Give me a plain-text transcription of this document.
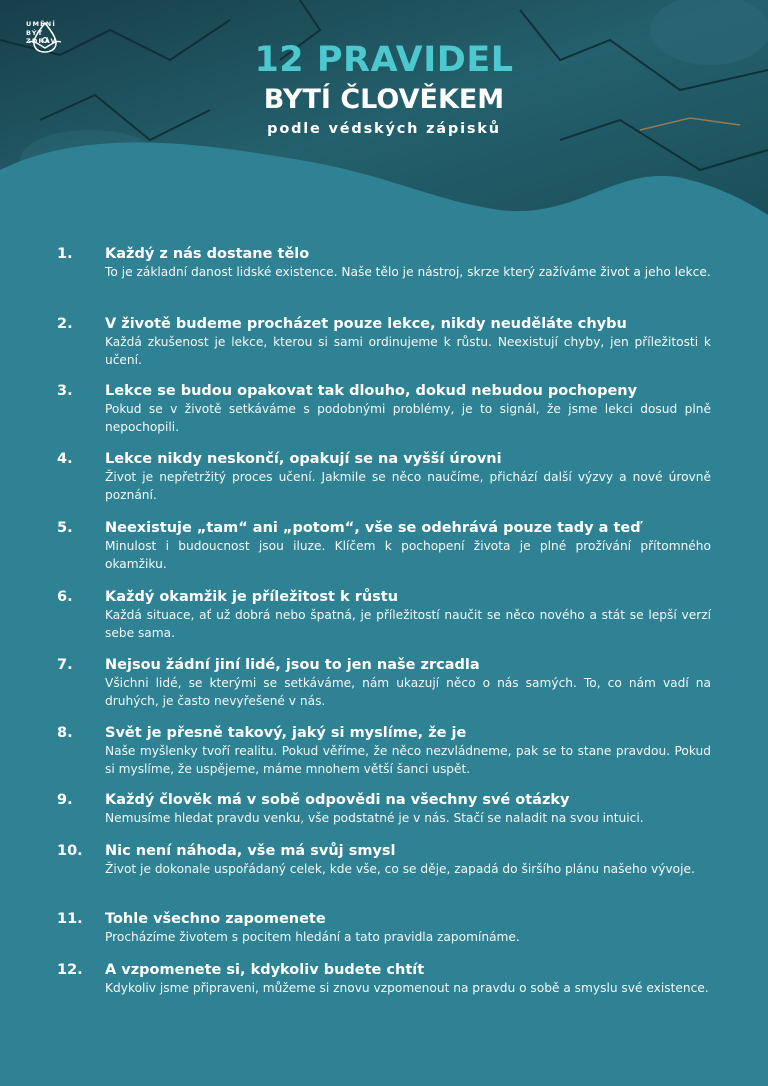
UMĚNÍ
BÝT
ZDRÁV	12 PRAVIDEL
BYTÍ ČLOVĚKEM
podle védských zápisků
1. Každý z nás dostane tělo
To je základní danost lidské existence. Naše tělo je nástroj, skrze který zažíváme život a jeho lekce.
2. V životě budeme procházet pouze lekce, nikdy neuděláte chybu
Každá zkušenost je lekce, kterou si sami ordinujeme k růstu. Neexistují chyby, jen příležitosti k učení.
3. Lekce se budou opakovat tak dlouho, dokud nebudou pochopeny
Pokud se v životě setkáváme s podobnými problémy, je to signál, že jsme lekci dosud plně nepochopili.
4. Lekce nikdy neskončí, opakují se na vyšší úrovni
Život je nepřetržitý proces učení. Jakmile se něco naučíme, přichází další výzvy a nové úrovně poznání.
5. Neexistuje „tam“ ani „potom“, vše se odehrává pouze tady a teď
Minulost i budoucnost jsou iluze. Klíčem k pochopení života je plné prožívání přítomného okamžiku.
6. Každý okamžik je příležitost k růstu
Každá situace, ať už dobrá nebo špatná, je příležitostí naučit se něco nového a stát se lepší verzí sebe sama.
7. Nejsou žádní jiní lidé, jsou to jen naše zrcadla
Všichni lidé, se kterými se setkáváme, nám ukazují něco o nás samých. To, co nám vadí na druhých, je často nevyřešené v nás.
8. Svět je přesně takový, jaký si myslíme, že je
Naše myšlenky tvoří realitu. Pokud věříme, že něco nezvládneme, pak se to stane pravdou. Pokud si myslíme, že uspějeme, máme mnohem větší šanci uspět.
9. Každý člověk má v sobě odpovědi na všechny své otázky
Nemusíme hledat pravdu venku, vše podstatné je v nás. Stačí se naladit na svou intuici.
10. Nic není náhoda, vše má svůj smysl
Život je dokonale uspořádaný celek, kde vše, co se děje, zapadá do širšího plánu našeho vývoje.
11. Tohle všechno zapomenete
Procházíme životem s pocitem hledání a tato pravidla zapomínáme.
12. A vzpomenete si, kdykoliv budete chtít
Kdykoliv jsme připraveni, můžeme si znovu vzpomenout na pravdu o sobě a smyslu své existence.
